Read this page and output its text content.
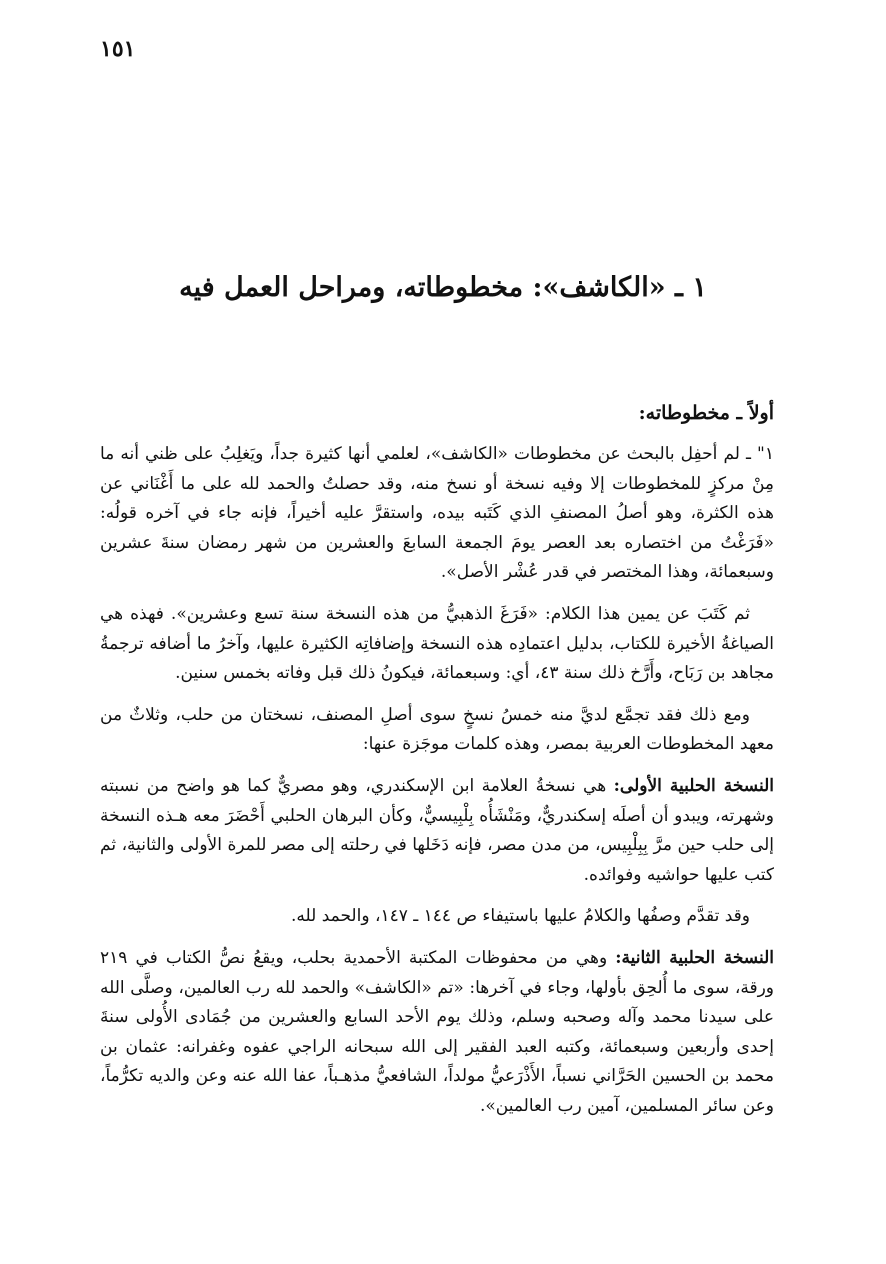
١٥١
١ ـ «الكاشف»: مخطوطاته، ومراحل العمل فيه
أولاً ـ مخطوطاته:

١" ـ لم أحفِل بالبحث عن مخطوطات «الكاشف»، لعلمي أنها كثيرة جداً، ويَغلِبُ على ظني أنه ما مِنْ مركزٍ للمخطوطات إلا وفيه نسخة أو نسخ منه، وقد حصلتُ والحمد لله على ما أَغْنَاني عن هذه الكثرة، وهو أصلُ المصنفِ الذي كَتَبه بيده، واستقرَّ عليه أخيراً، فإنه جاء في آخره قولُه: «فَرَغْتُ من اختصاره بعد العصر يومَ الجمعة السابعَ والعشرين من شهر رمضان سنةَ عشرين وسبعمائة، وهذا المختصر في قدر عُشْر الأصل».

ثم كَتَبَ عن يمين هذا الكلام: «فَرَغَ الذهبيُّ من هذه النسخة سنة تسع وعشرين». فهذه هي الصياغةُ الأخيرة للكتاب، بدليل اعتمادِه هذه النسخة وإضافاتِه الكثيرة عليها، وآخرُ ما أضافه ترجمةُ مجاهد بن رَبَاح، وأَرَّخ ذلك سنة ٤٣، أي: وسبعمائة، فيكونُ ذلك قبل وفاته بخمس سنين.

ومع ذلك فقد تجمَّع لديَّ منه خمسُ نسخٍ سوى أصلِ المصنف، نسختان من حلب، وثلاثٌ من معهد المخطوطات العربية بمصر، وهذه كلمات موجَزة عنها:

النسخة الحلبية الأولى: هي نسخةُ العلامة ابن الإسكندري، وهو مصريٌّ كما هو واضح من نسبته وشهرته، ويبدو أن أصلَه إسكندريٌّ، ومَنْشَأُه بِلْبِيسيٌّ، وكأن البرهان الحلبي أَحْضَرَ معه هـذه النسخة إلى حلب حين مرَّ بِبِلْبِيس، من مدن مصر، فإنه دَخَلها في رحلته إلى مصر للمرة الأولى والثانية، ثم كتب عليها حواشيه وفوائده.

وقد تقدَّم وصفُها والكلامُ عليها باستيفاء ص ١٤٤ ـ ١٤٧، والحمد لله.

النسخة الحلبية الثانية: وهي من محفوظات المكتبة الأحمدية بحلب، ويقعُ نصُّ الكتاب في ٢١٩ ورقة، سوى ما أُلحِق بأولها، وجاء في آخرها: «تم «الكاشف» والحمد لله رب العالمين، وصلَّى الله على سيدنا محمد وآله وصحبه وسلم، وذلك يوم الأحد السابع والعشرين من جُمَادى الأُولى سنةَ إحدى وأربعين وسبعمائة، وكتبه العبد الفقير إلى الله سبحانه الراجي عفوه وغفرانه: عثمان بن محمد بن الحسين الحَرَّاني نسباً، الأَذْرَعيُّ مولداً، الشافعيُّ مذهـباً، عفا الله عنه وعن والديه تكرُّماً، وعن سائر المسلمين، آمين رب العالمين».
